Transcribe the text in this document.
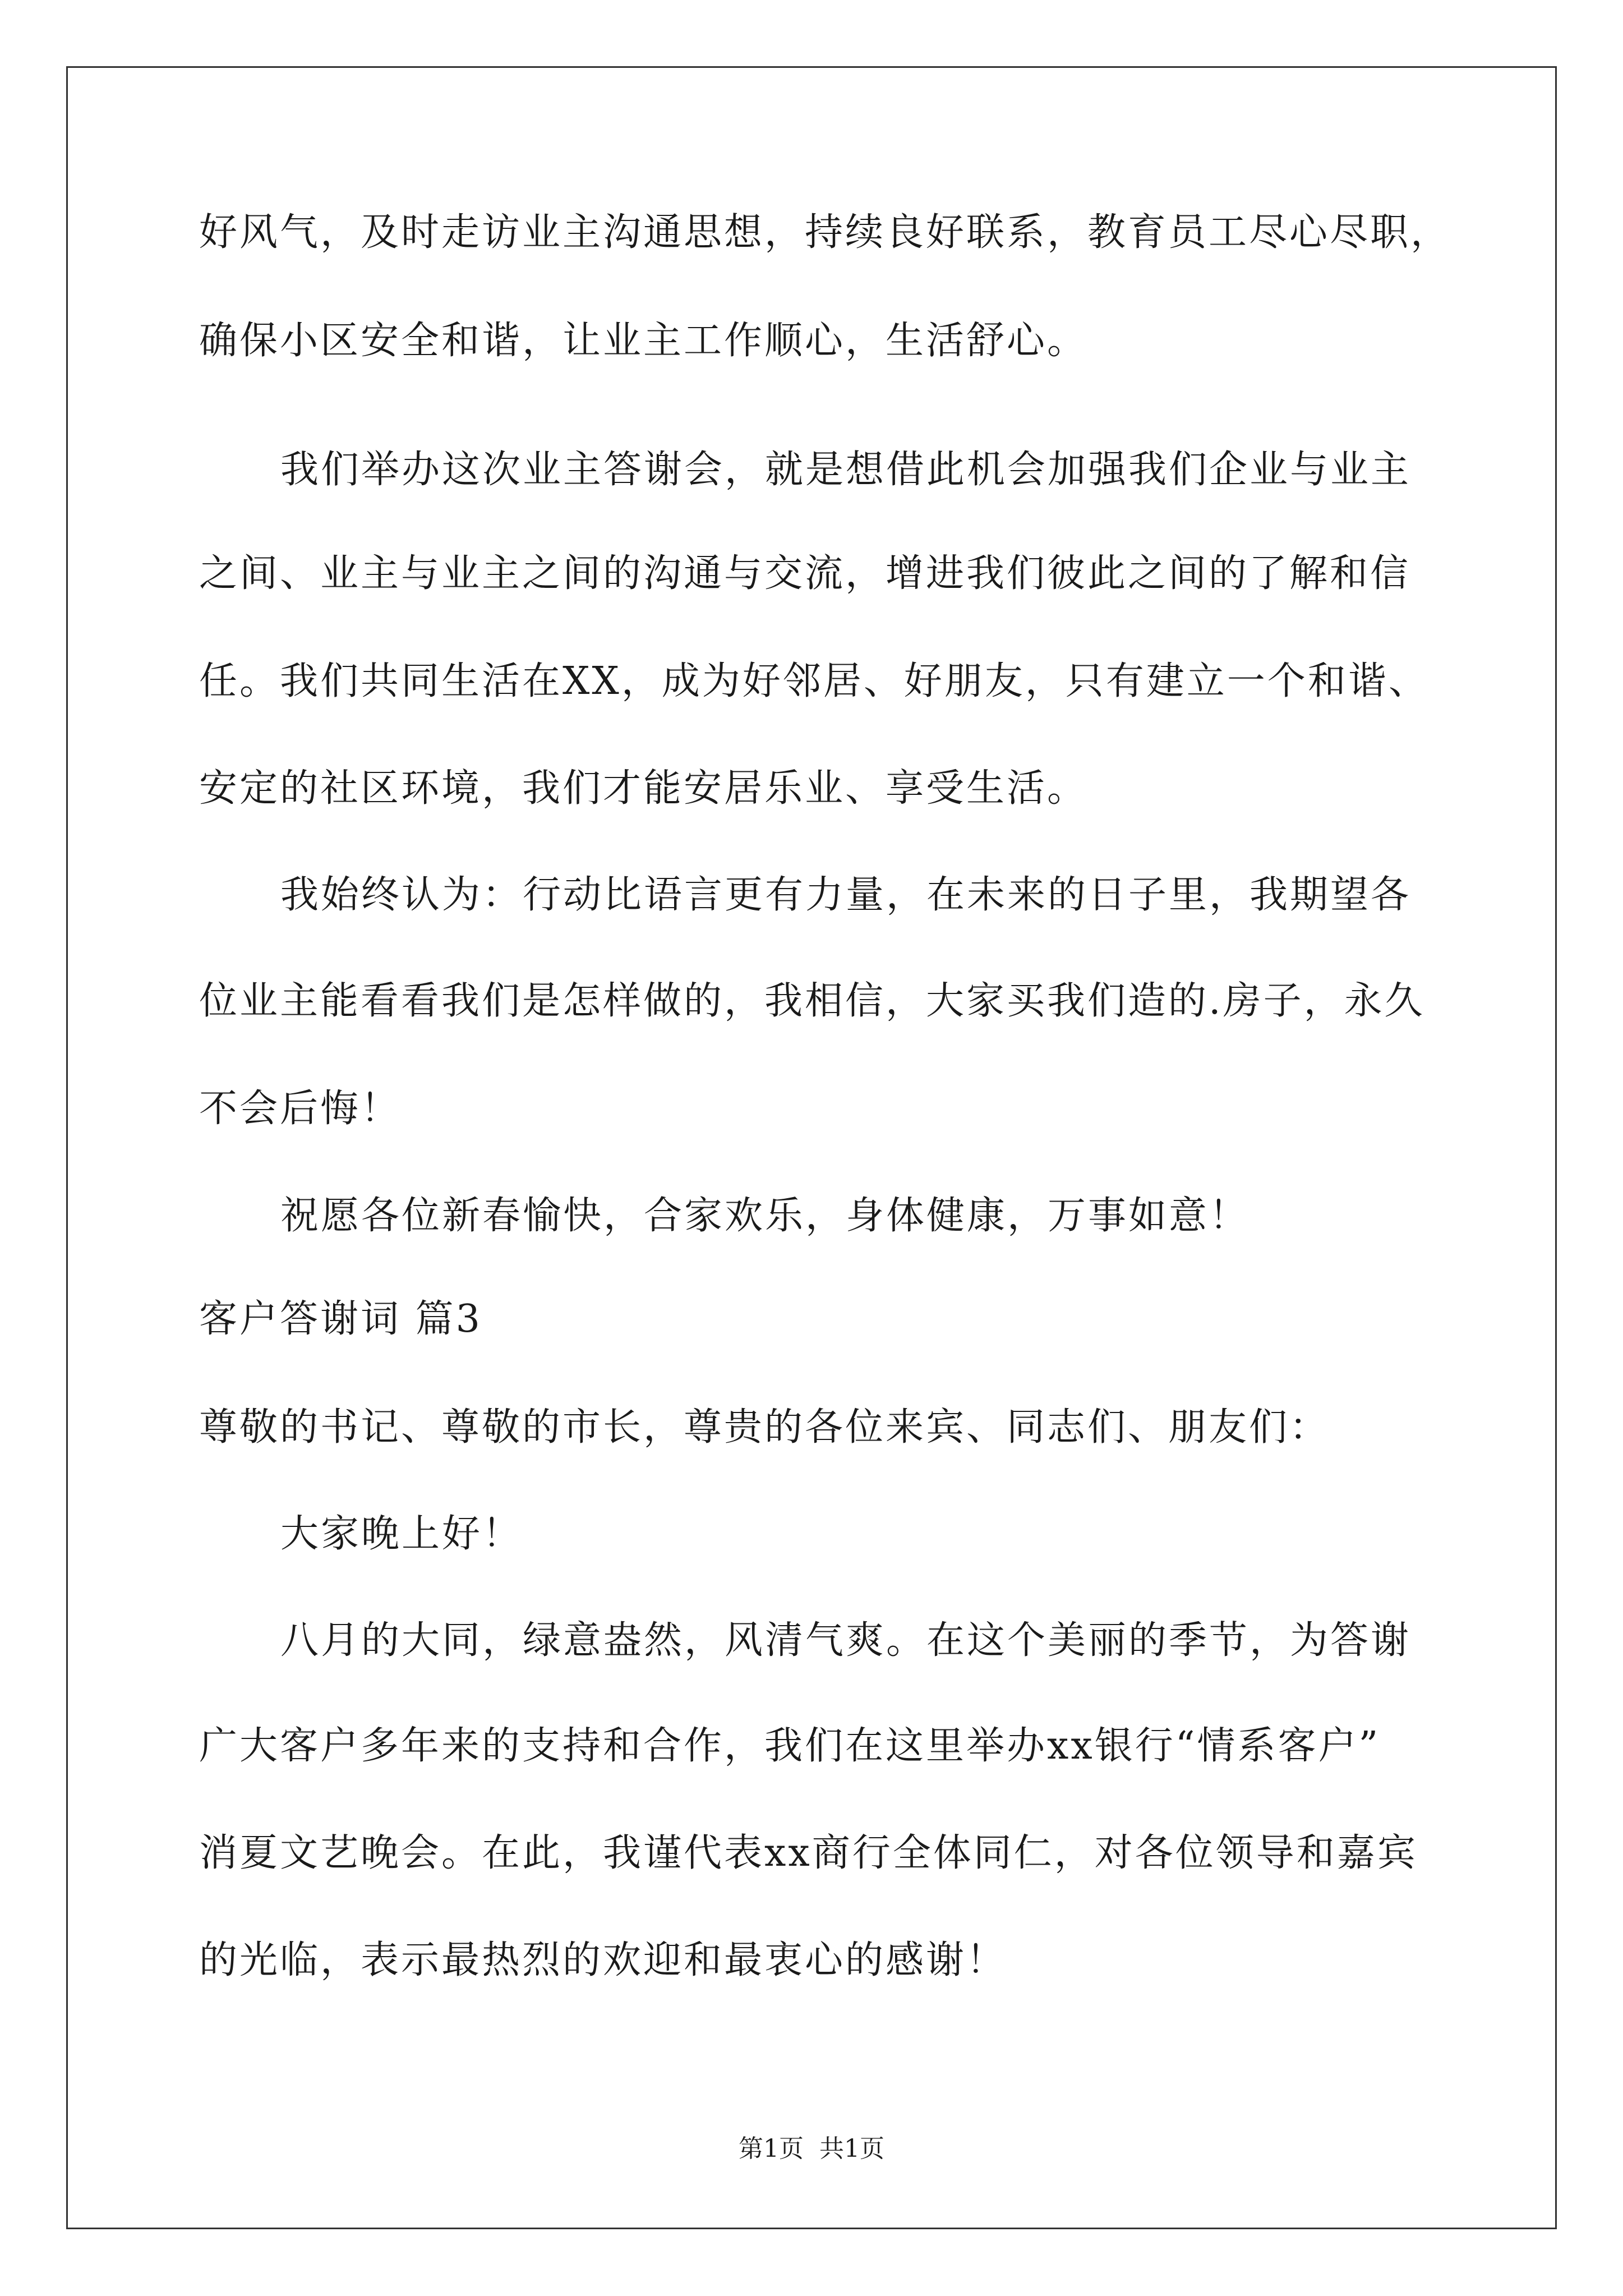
好风气，及时走访业主沟通思想，持续良好联系，教育员工尽心尽职，
确保小区安全和谐，让业主工作顺心，生活舒心。
我们举办这次业主答谢会，就是想借此机会加强我们企业与业主
之间、业主与业主之间的沟通与交流，增进我们彼此之间的了解和信
任。我们共同生活在XX，成为好邻居、好朋友，只有建立一个和谐、
安定的社区环境，我们才能安居乐业、享受生活。
我始终认为：行动比语言更有力量，在未来的日子里，我期望各
位业主能看看我们是怎样做的，我相信，大家买我们造的.房子，永久
不会后悔！
祝愿各位新春愉快，合家欢乐，身体健康，万事如意！
客户答谢词 篇3
尊敬的书记、尊敬的市长，尊贵的各位来宾、同志们、朋友们：
大家晚上好！
八月的大同，绿意盎然，风清气爽。在这个美丽的季节，为答谢
广大客户多年来的支持和合作，我们在这里举办xx银行“情系客户”
消夏文艺晚会。在此，我谨代表xx商行全体同仁，对各位领导和嘉宾
的光临，表示最热烈的欢迎和最衷心的感谢！
第1页  共1页
